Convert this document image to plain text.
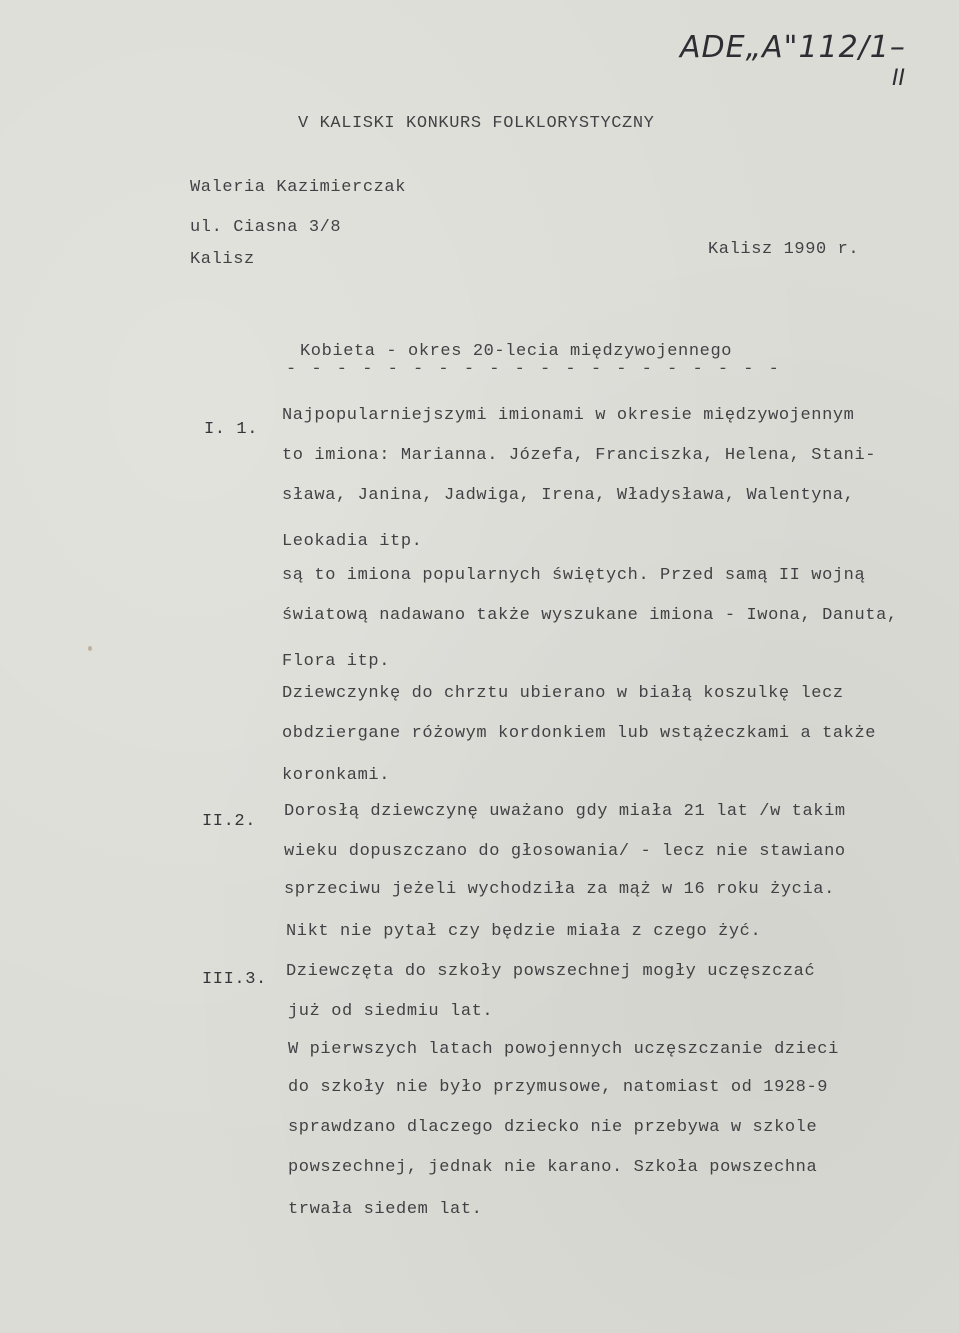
ADE„A"112/1–
II
V KALISKI KONKURS FOLKLORYSTYCZNY
Waleria Kazimierczak
ul. Ciasna 3/8
Kalisz
Kalisz 1990 r.
Kobieta - okres 20-lecia międzywojennego
- - - - - - - - - - - - - - - - - - - -
I. 1.
Najpopularniejszymi imionami w okresie międzywojennym
to imiona: Marianna. Józefa, Franciszka, Helena, Stani-
sława, Janina, Jadwiga, Irena, Władysława, Walentyna,
Leokadia itp.
są to imiona popularnych świętych. Przed samą II wojną
światową nadawano także wyszukane imiona - Iwona, Danuta,
Flora itp.
Dziewczynkę do chrztu ubierano w białą koszulkę lecz
obdziergane różowym kordonkiem lub wstążeczkami a także
koronkami.
II.2.
Dorosłą dziewczynę uważano gdy miała 21 lat /w takim
wieku dopuszczano do głosowania/ - lecz nie stawiano
sprzeciwu jeżeli wychodziła za mąż w 16 roku życia.
Nikt nie pytał czy będzie miała z czego żyć.
III.3. Dziewczęta do szkoły powszechnej mogły uczęszczać
już od siedmiu lat.
W pierwszych latach powojennych uczęszczanie dzieci
do szkoły nie było przymusowe, natomiast od 1928-9
sprawdzano dlaczego dziecko nie przebywa w szkole
powszechnej, jednak nie karano. Szkoła powszechna
trwała siedem lat.
